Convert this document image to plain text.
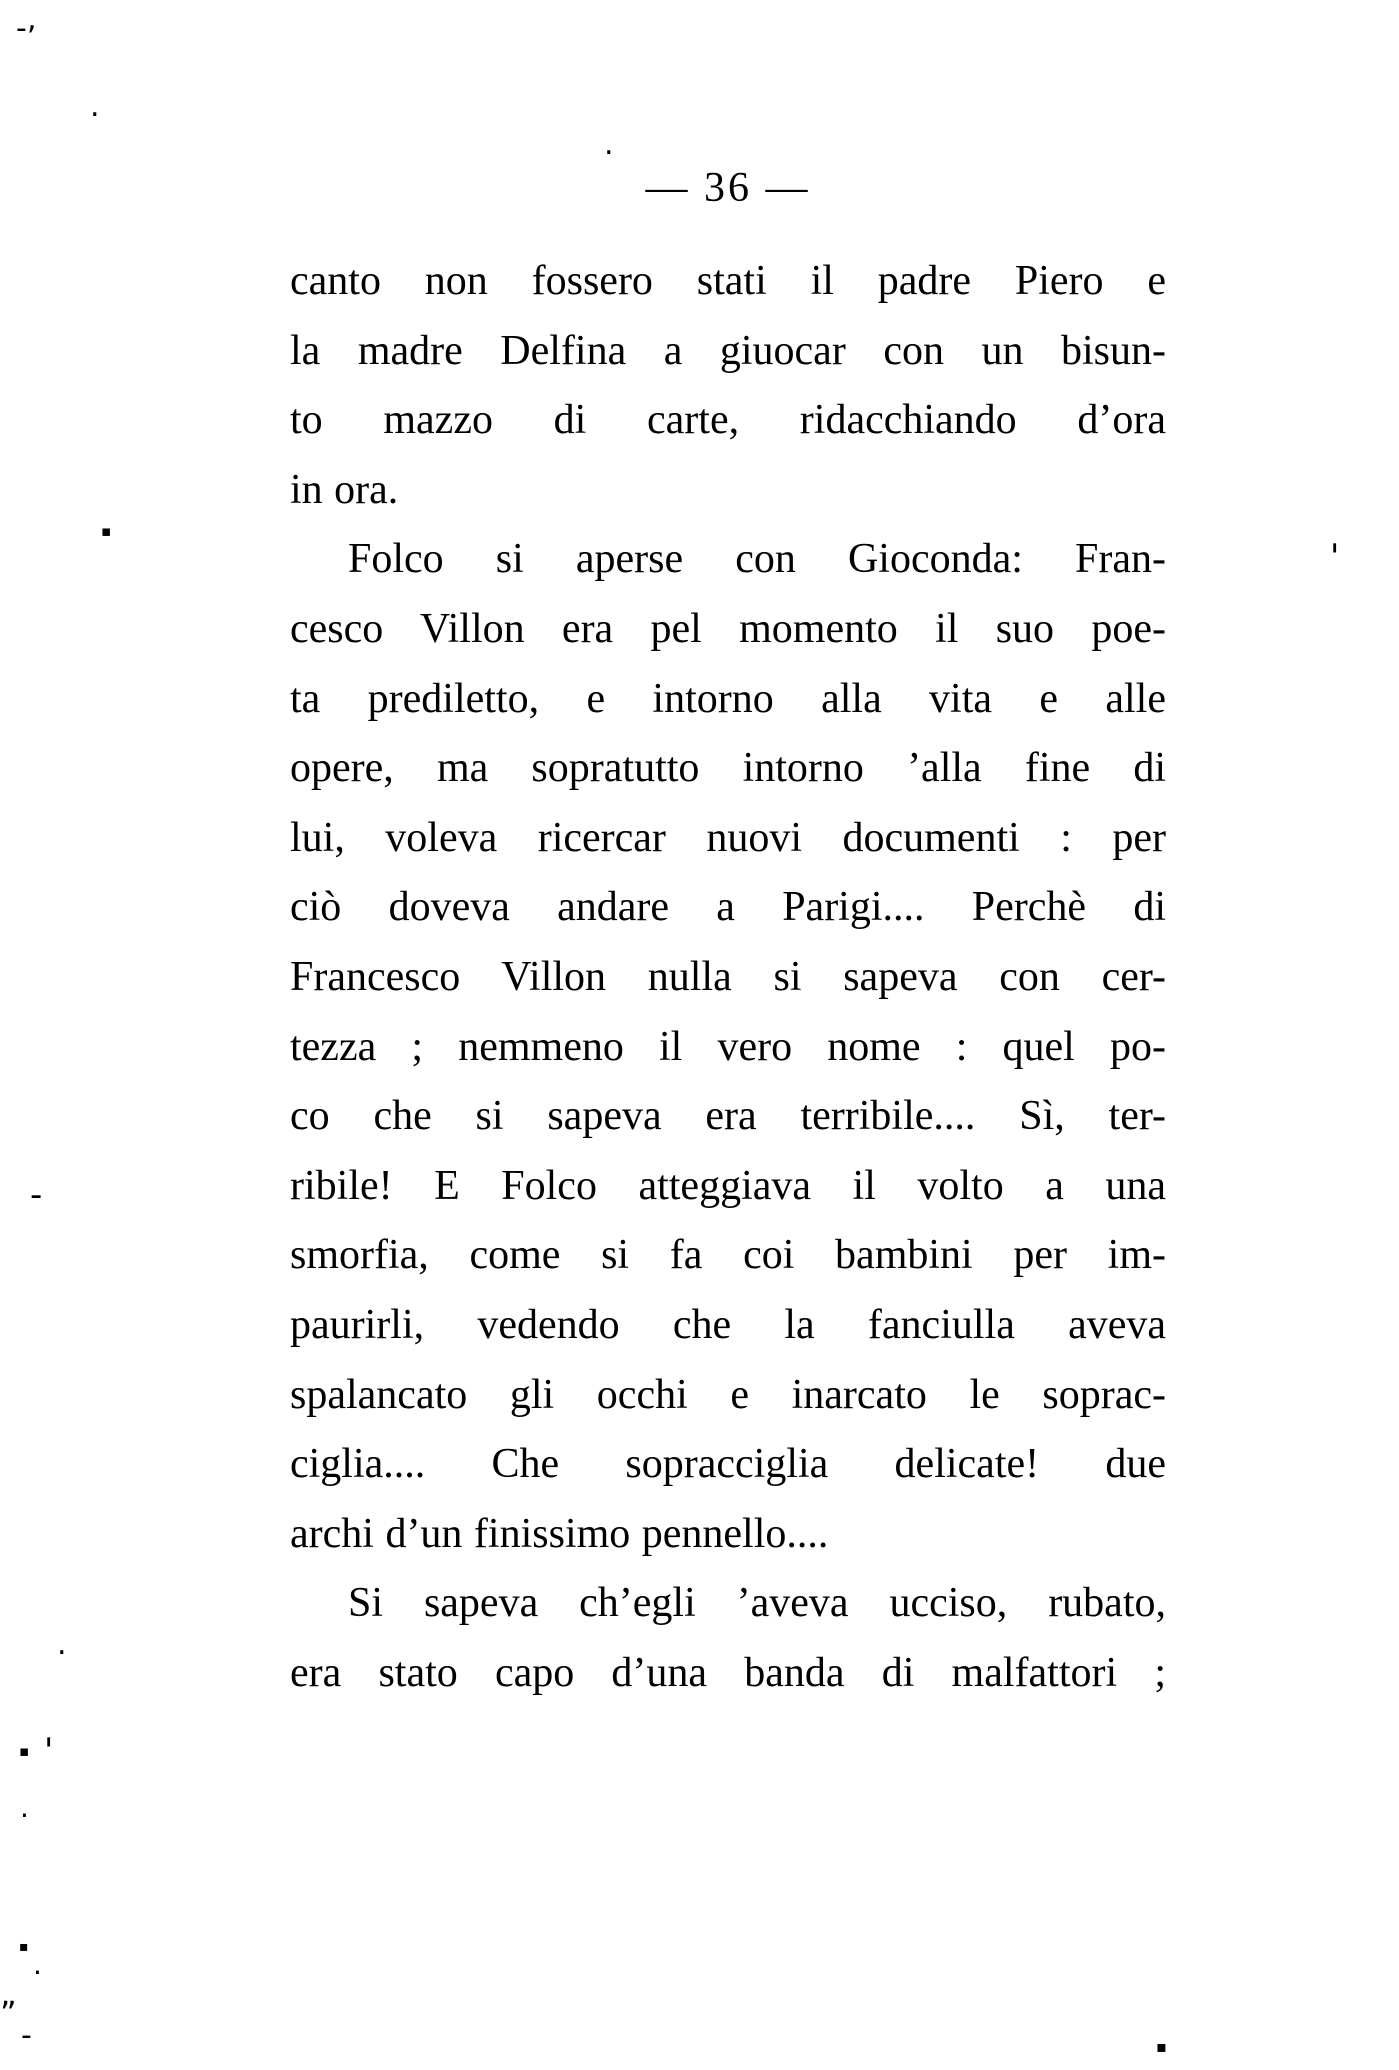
— 36 —
canto non fossero stati il padre Piero e
la madre Delfina a giuocar con un bisun-
to mazzo di carte, ridacchiando d’ora
in ora.
Folco si aperse con Gioconda: Fran-
cesco Villon era pel momento il suo poe-
ta prediletto, e intorno alla vita e alle
opere, ma sopratutto intorno ’alla fine di
lui, voleva ricercar nuovi documenti : per
ciò doveva andare a Parigi.... Perchè di
Francesco Villon nulla si sapeva con cer-
tezza ; nemmeno il vero nome : quel po-
co che si sapeva era terribile.... Sì, ter-
ribile! E Folco atteggiava il volto a una
smorfia, come si fa coi bambini per im-
paurirli, vedendo che la fanciulla aveva
spalancato gli occhi e inarcato le soprac-
ciglia.... Che sopracciglia delicate! due
archi d’un finissimo pennello....
Si sapeva ch’egli ’aveva ucciso, rubato,
era stato capo d’una banda di malfattori ;
- ,
.
.
▪
'
-
.
'
▪
.
▪
.
„
-	▪
